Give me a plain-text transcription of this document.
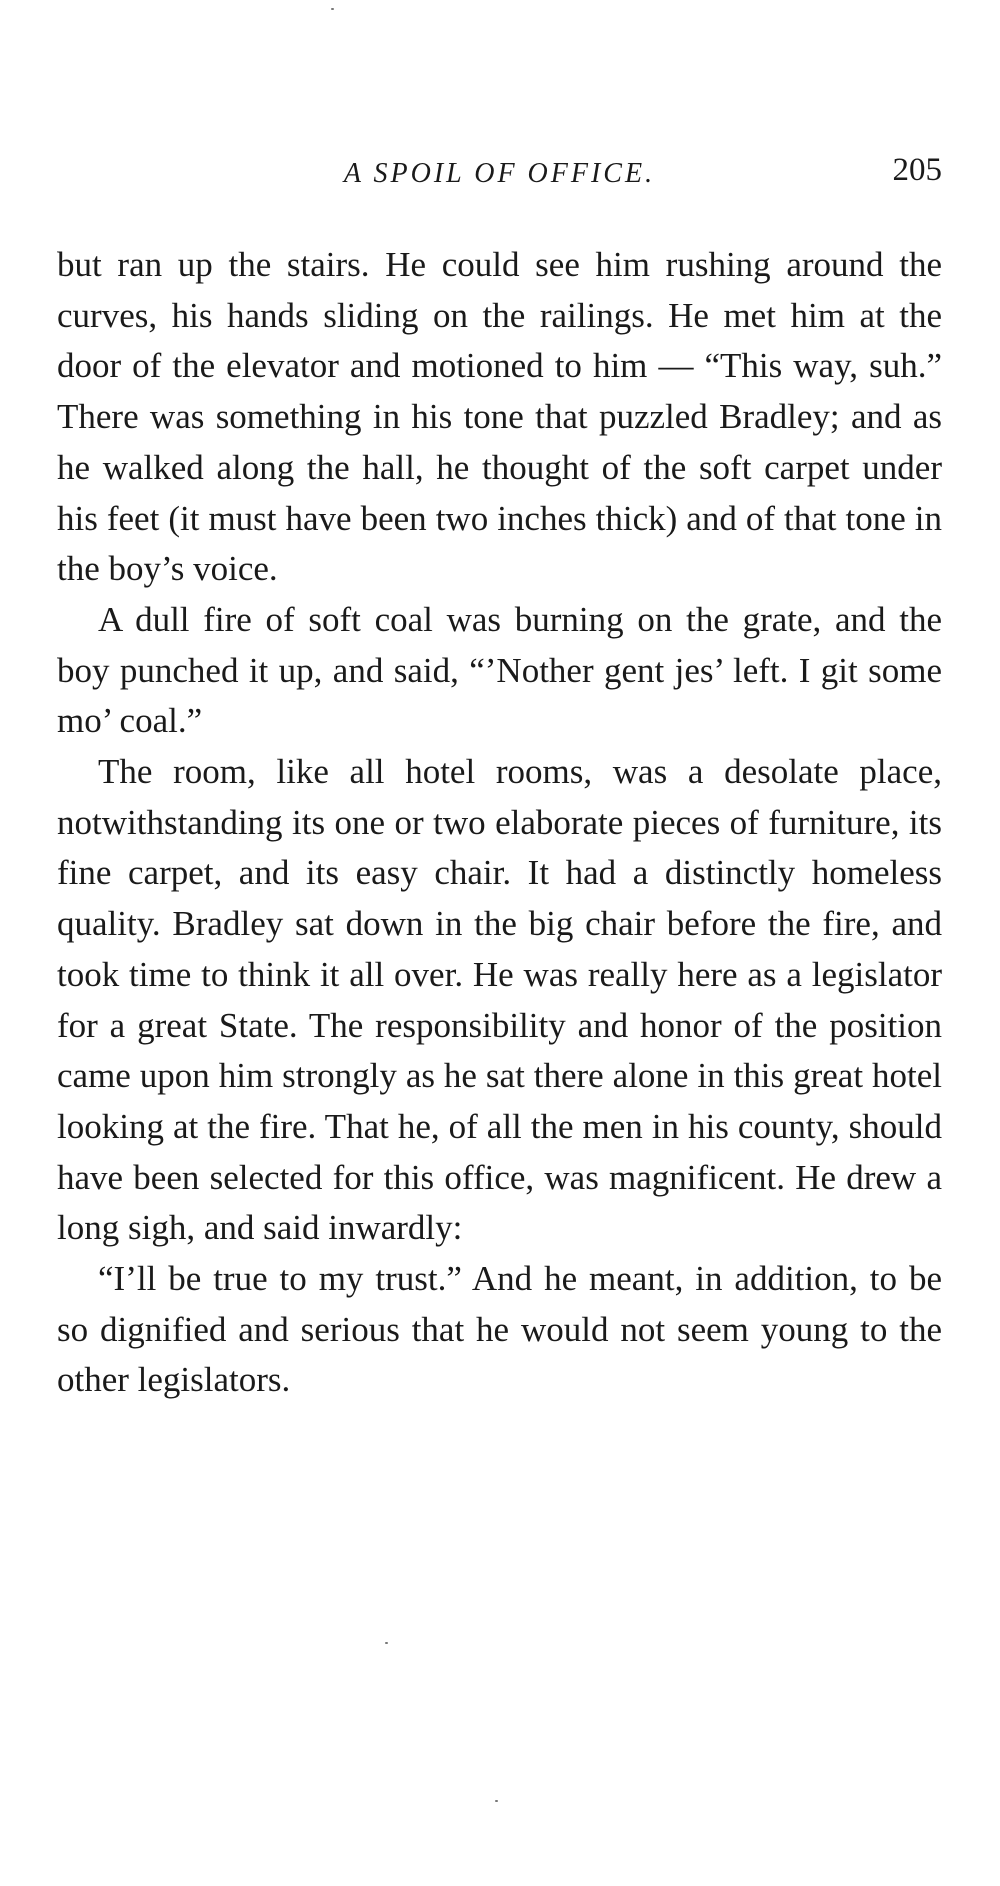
A SPOIL OF OFFICE.	205

but ran up the stairs. He could see him rushing around the curves, his hands sliding on the railings. He met him at the door of the elevator and motioned to him — “This way, suh.” There was something in his tone that puzzled Bradley; and as he walked along the hall, he thought of the soft carpet under his feet (it must have been two inches thick) and of that tone in the boy’s voice.

A dull fire of soft coal was burning on the grate, and the boy punched it up, and said, “’Nother gent jes’ left. I git some mo’ coal.”

The room, like all hotel rooms, was a desolate place, notwithstanding its one or two elaborate pieces of furniture, its fine carpet, and its easy chair. It had a distinctly homeless quality. Bradley sat down in the big chair before the fire, and took time to think it all over. He was really here as a legislator for a great State. The responsibility and honor of the position came upon him strongly as he sat there alone in this great hotel looking at the fire. That he, of all the men in his county, should have been selected for this office, was magnificent. He drew a long sigh, and said inwardly:

“I’ll be true to my trust.” And he meant, in addition, to be so dignified and serious that he would not seem young to the other legislators.
